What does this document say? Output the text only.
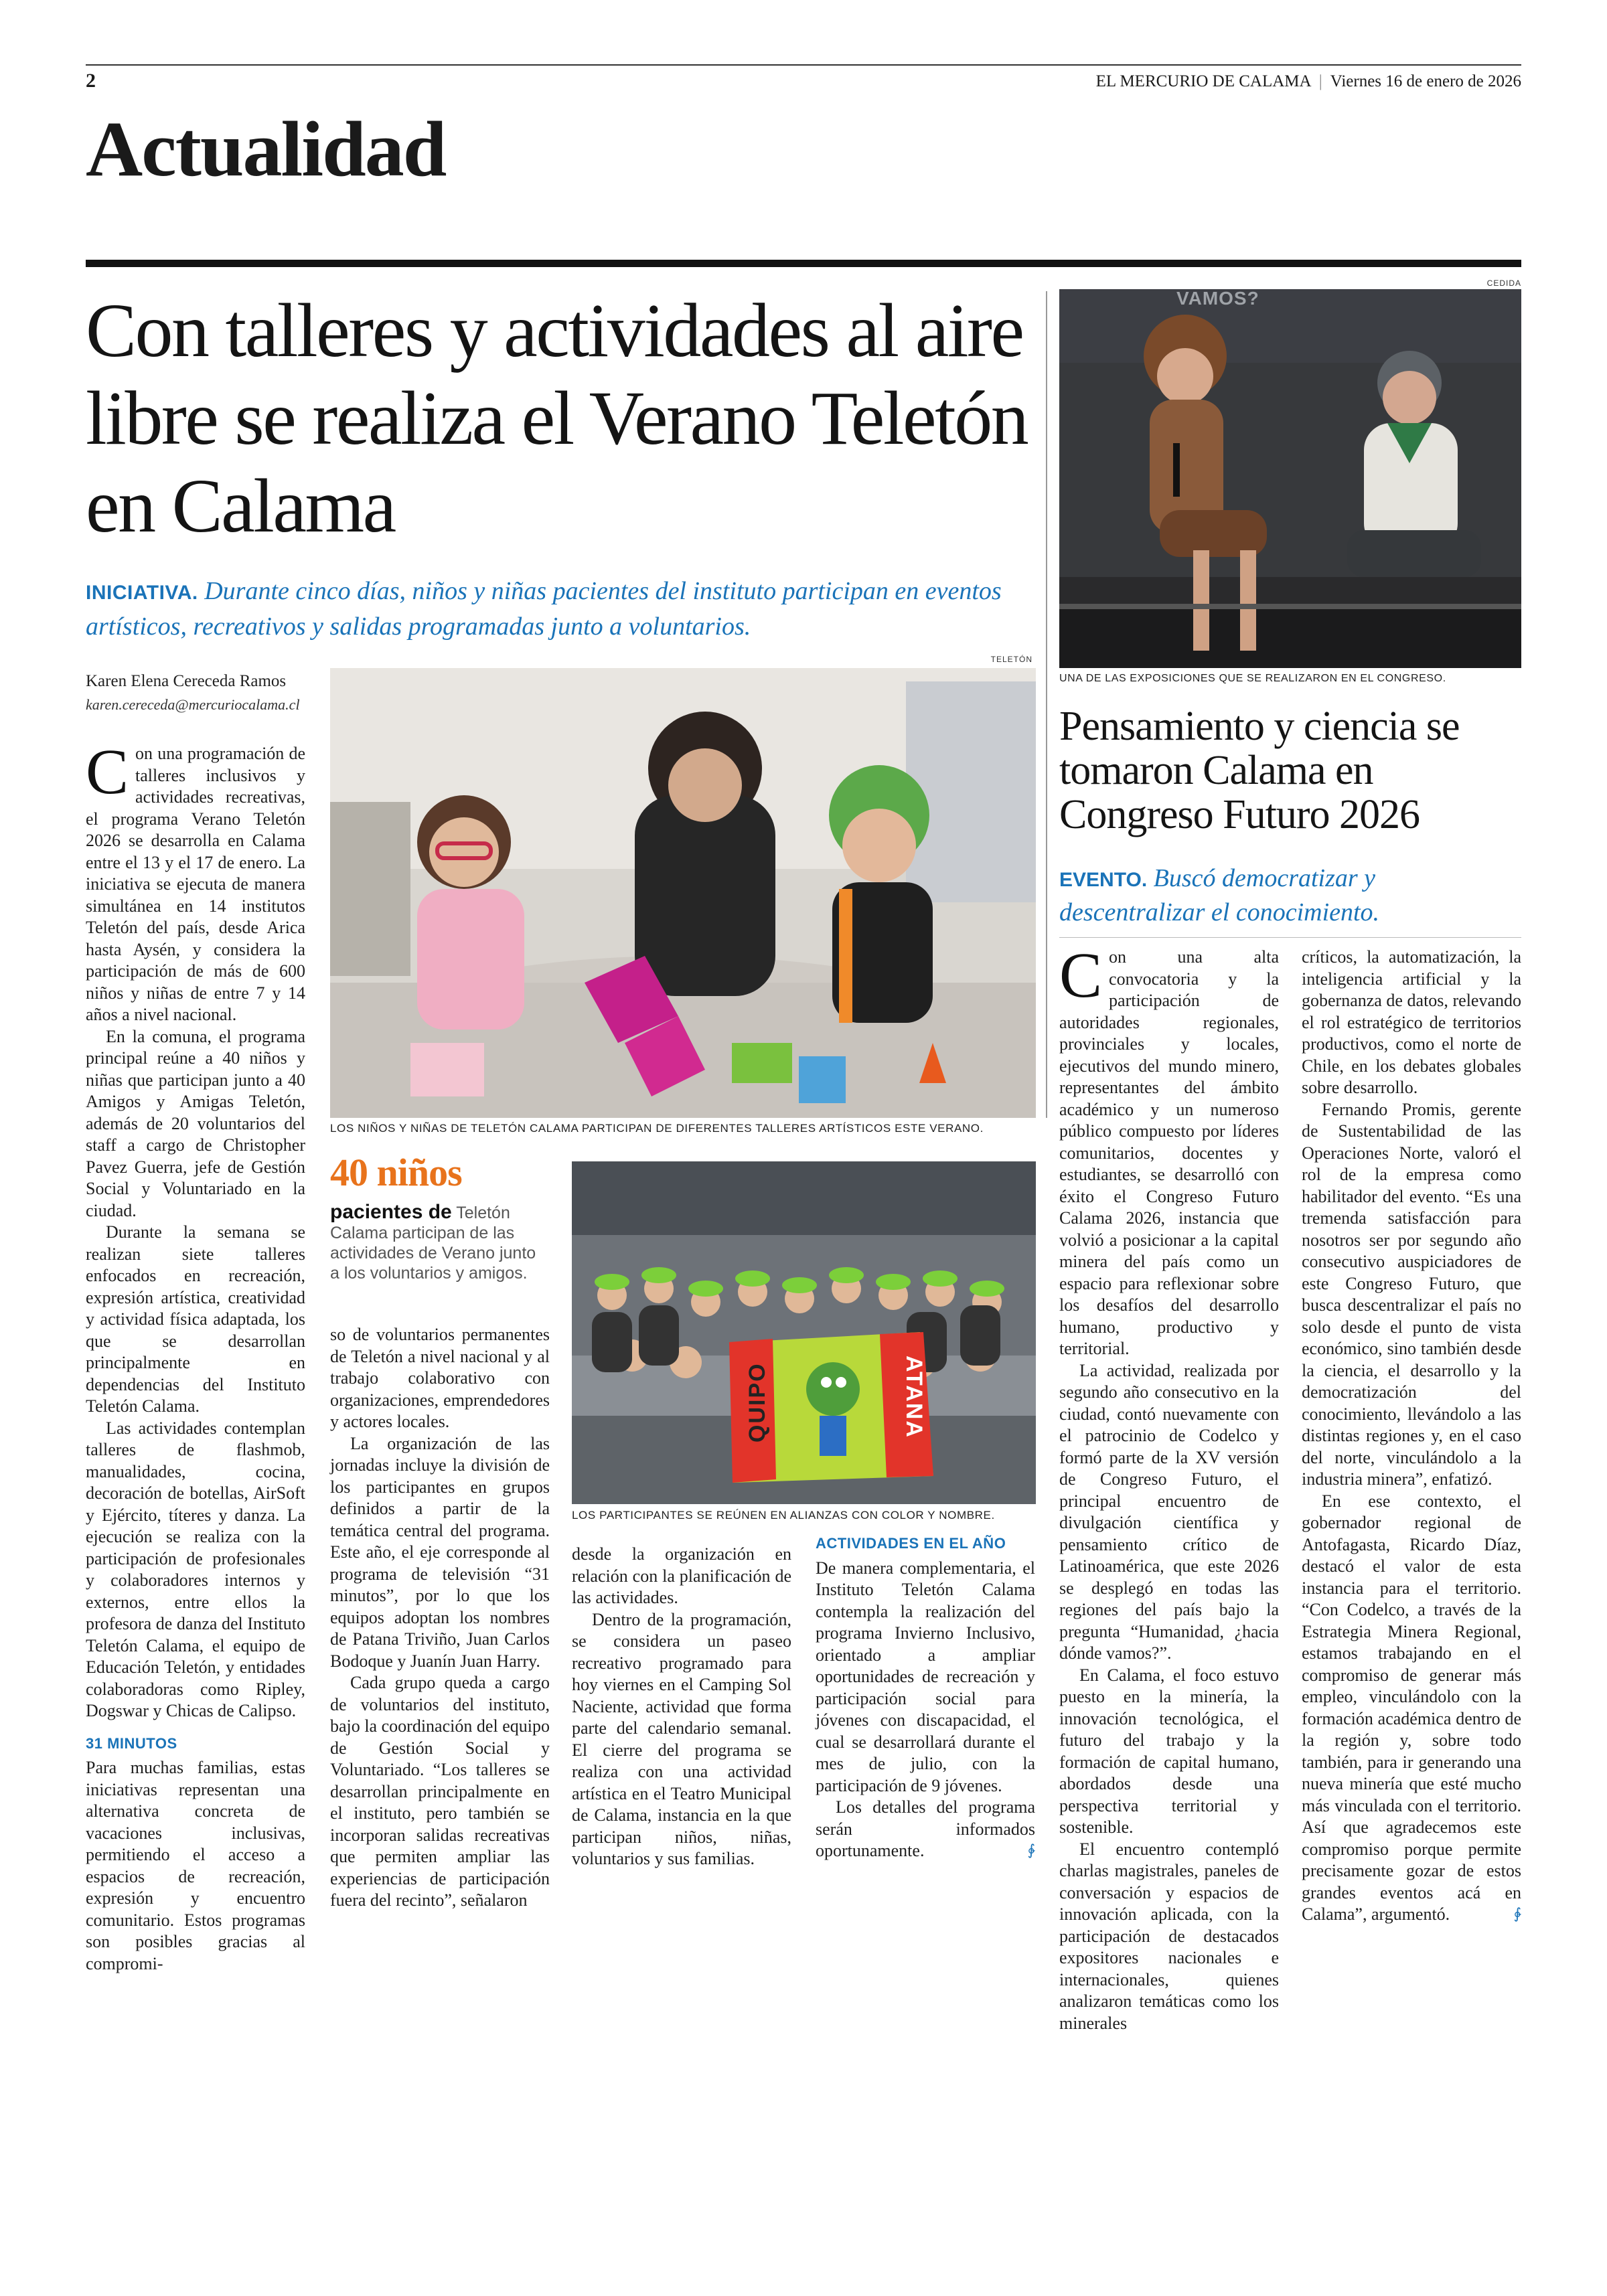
2	EL MERCURIO DE CALAMA  |  Viernes 16 de enero de 2026
Actualidad
Con talleres y actividades al aire libre se realiza el Verano Teletón en Calama
INICIATIVA. Durante cinco días, niños y niñas pacientes del instituto participan en eventos artísticos, recreativos y salidas programadas junto a voluntarios.
Karen Elena Cereceda Ramos
karen.cereceda@mercuriocalama.cl
TELETÓN
LOS NIÑOS Y NIÑAS DE TELETÓN CALAMA PARTICIPAN DE DIFERENTES TALLERES ARTÍSTICOS ESTE VERANO.
C on una programación de talleres inclusivos y actividades recreativas, el programa Verano Teletón 2026 se desarrolla en Calama entre el 13 y el 17 de enero. La iniciativa se ejecuta de manera simultánea en 14 institutos Teletón del país, desde Arica hasta Aysén, y considera la participación de más de 600 niños y niñas de entre 7 y 14 años a nivel nacional.

En la comuna, el programa principal reúne a 40 niños y niñas que participan junto a 40 Amigos y Amigas Teletón, además de 20 voluntarios del staff a cargo de Christopher Pavez Guerra, jefe de Gestión Social y Voluntariado en la ciudad.

Durante la semana se realizan siete talleres enfocados en recreación, expresión artística, creatividad y actividad física adaptada, los que se desarrollan principalmente en dependencias del Instituto Teletón Calama.

Las actividades contemplan talleres de flashmob, manualidades, cocina, decoración de botellas, AirSoft y Ejército, títeres y danza. La ejecución se realiza con la participación de profesionales y colaboradores internos y externos, entre ellos la profesora de danza del Instituto Teletón Calama, el equipo de Educación Teletón, y entidades colaboradoras como Ripley, Dogswar y Chicas de Calipso.

31 MINUTOS

Para muchas familias, estas iniciativas representan una alternativa concreta de vacaciones inclusivas, permitiendo el acceso a espacios de recreación, expresión y encuentro comunitario. Estos programas son posibles gracias al compromi-

40 niños
pacientes de Teletón Calama participan de las actividades de Verano junto a los voluntarios y amigos.
QUIPO	ATANA
LOS PARTICIPANTES SE REÚNEN EN ALIANZAS CON COLOR Y NOMBRE.

so de voluntarios permanentes de Teletón a nivel nacional y al trabajo colaborativo con organizaciones, emprendedores y actores locales.

La organización de las jornadas incluye la división de los participantes en grupos definidos a partir de la temática central del programa. Este año, el eje corresponde al programa de televisión “31 minutos”, por lo que los equipos adoptan los nombres de Patana Triviño, Juan Carlos Bodoque y Juanín Juan Harry.

Cada grupo queda a cargo de voluntarios del instituto, bajo la coordinación del equipo de Gestión Social y Voluntariado. “Los talleres se desarrollan principalmente en el instituto, pero también se incorporan salidas recreativas que permiten ampliar las experiencias de participación fuera del recinto”, señalaron

desde la organización en relación con la planificación de las actividades.

Dentro de la programación, se considera un paseo recreativo programado para hoy viernes en el Camping Sol Naciente, actividad que forma parte del calendario semanal. El cierre del programa se realiza con una actividad artística en el Teatro Municipal de Calama, instancia en la que participan niños, niñas, voluntarios y sus familias.

ACTIVIDADES EN EL AÑO

De manera complementaria, el Instituto Teletón Calama contempla la realización del programa Invierno Inclusivo, orientado a ampliar oportunidades de recreación y participación social para jóvenes con discapacidad, el cual se desarrollará durante el mes de julio, con la participación de 9 jóvenes.

Los detalles del programa serán informados oportunamente.	∲

CEDIDA
VAMOS?
UNA DE LAS EXPOSICIONES QUE SE REALIZARON EN EL CONGRESO.
Pensamiento y ciencia se tomaron Calama en Congreso Futuro 2026
EVENTO. Buscó democratizar y descentralizar el conocimiento.
C on una alta convocatoria y la participación de autoridades regionales, provinciales y locales, ejecutivos del mundo minero, representantes del ámbito académico y un numeroso público compuesto por líderes comunitarios, docentes y estudiantes, se desarrolló con éxito el Congreso Futuro Calama 2026, instancia que volvió a posicionar a la capital minera del país como un espacio para reflexionar sobre los desafíos del desarrollo humano, productivo y territorial.

La actividad, realizada por segundo año consecutivo en la ciudad, contó nuevamente con el patrocinio de Codelco y formó parte de la XV versión de Congreso Futuro, el principal encuentro de divulgación científica y pensamiento crítico de Latinoamérica, que este 2026 se desplegó en todas las regiones del país bajo la pregunta “Humanidad, ¿hacia dónde vamos?”.

En Calama, el foco estuvo puesto en la minería, la innovación tecnológica, el futuro del trabajo y la formación de capital humano, abordados desde una perspectiva territorial y sostenible.

El encuentro contempló charlas magistrales, paneles de conversación y espacios de innovación aplicada, con la participación de destacados expositores nacionales e internacionales, quienes analizaron temáticas como los minerales

críticos, la automatización, la inteligencia artificial y la gobernanza de datos, relevando el rol estratégico de territorios productivos, como el norte de Chile, en los debates globales sobre desarrollo.

Fernando Promis, gerente de Sustentabilidad de las Operaciones Norte, valoró el rol de la empresa como habilitador del evento. “Es una tremenda satisfacción para nosotros ser por segundo año consecutivo auspiciadores de este Congreso Futuro, que busca descentralizar el país no solo desde el punto de vista económico, sino también desde la ciencia, el desarrollo y la democratización del conocimiento, llevándolo a las distintas regiones y, en el caso del norte, vinculándolo a la industria minera”, enfatizó.

En ese contexto, el gobernador regional de Antofagasta, Ricardo Díaz, destacó el valor de esta instancia para el territorio. “Con Codelco, a través de la Estrategia Minera Regional, estamos trabajando en el compromiso de generar más empleo, vinculándolo con la formación académica dentro de la región y, sobre todo también, para ir generando una nueva minería que esté mucho más vinculada con el territorio. Así que agradecemos este compromiso porque permite precisamente gozar de estos grandes eventos acá en Calama”, argumentó.	∲
